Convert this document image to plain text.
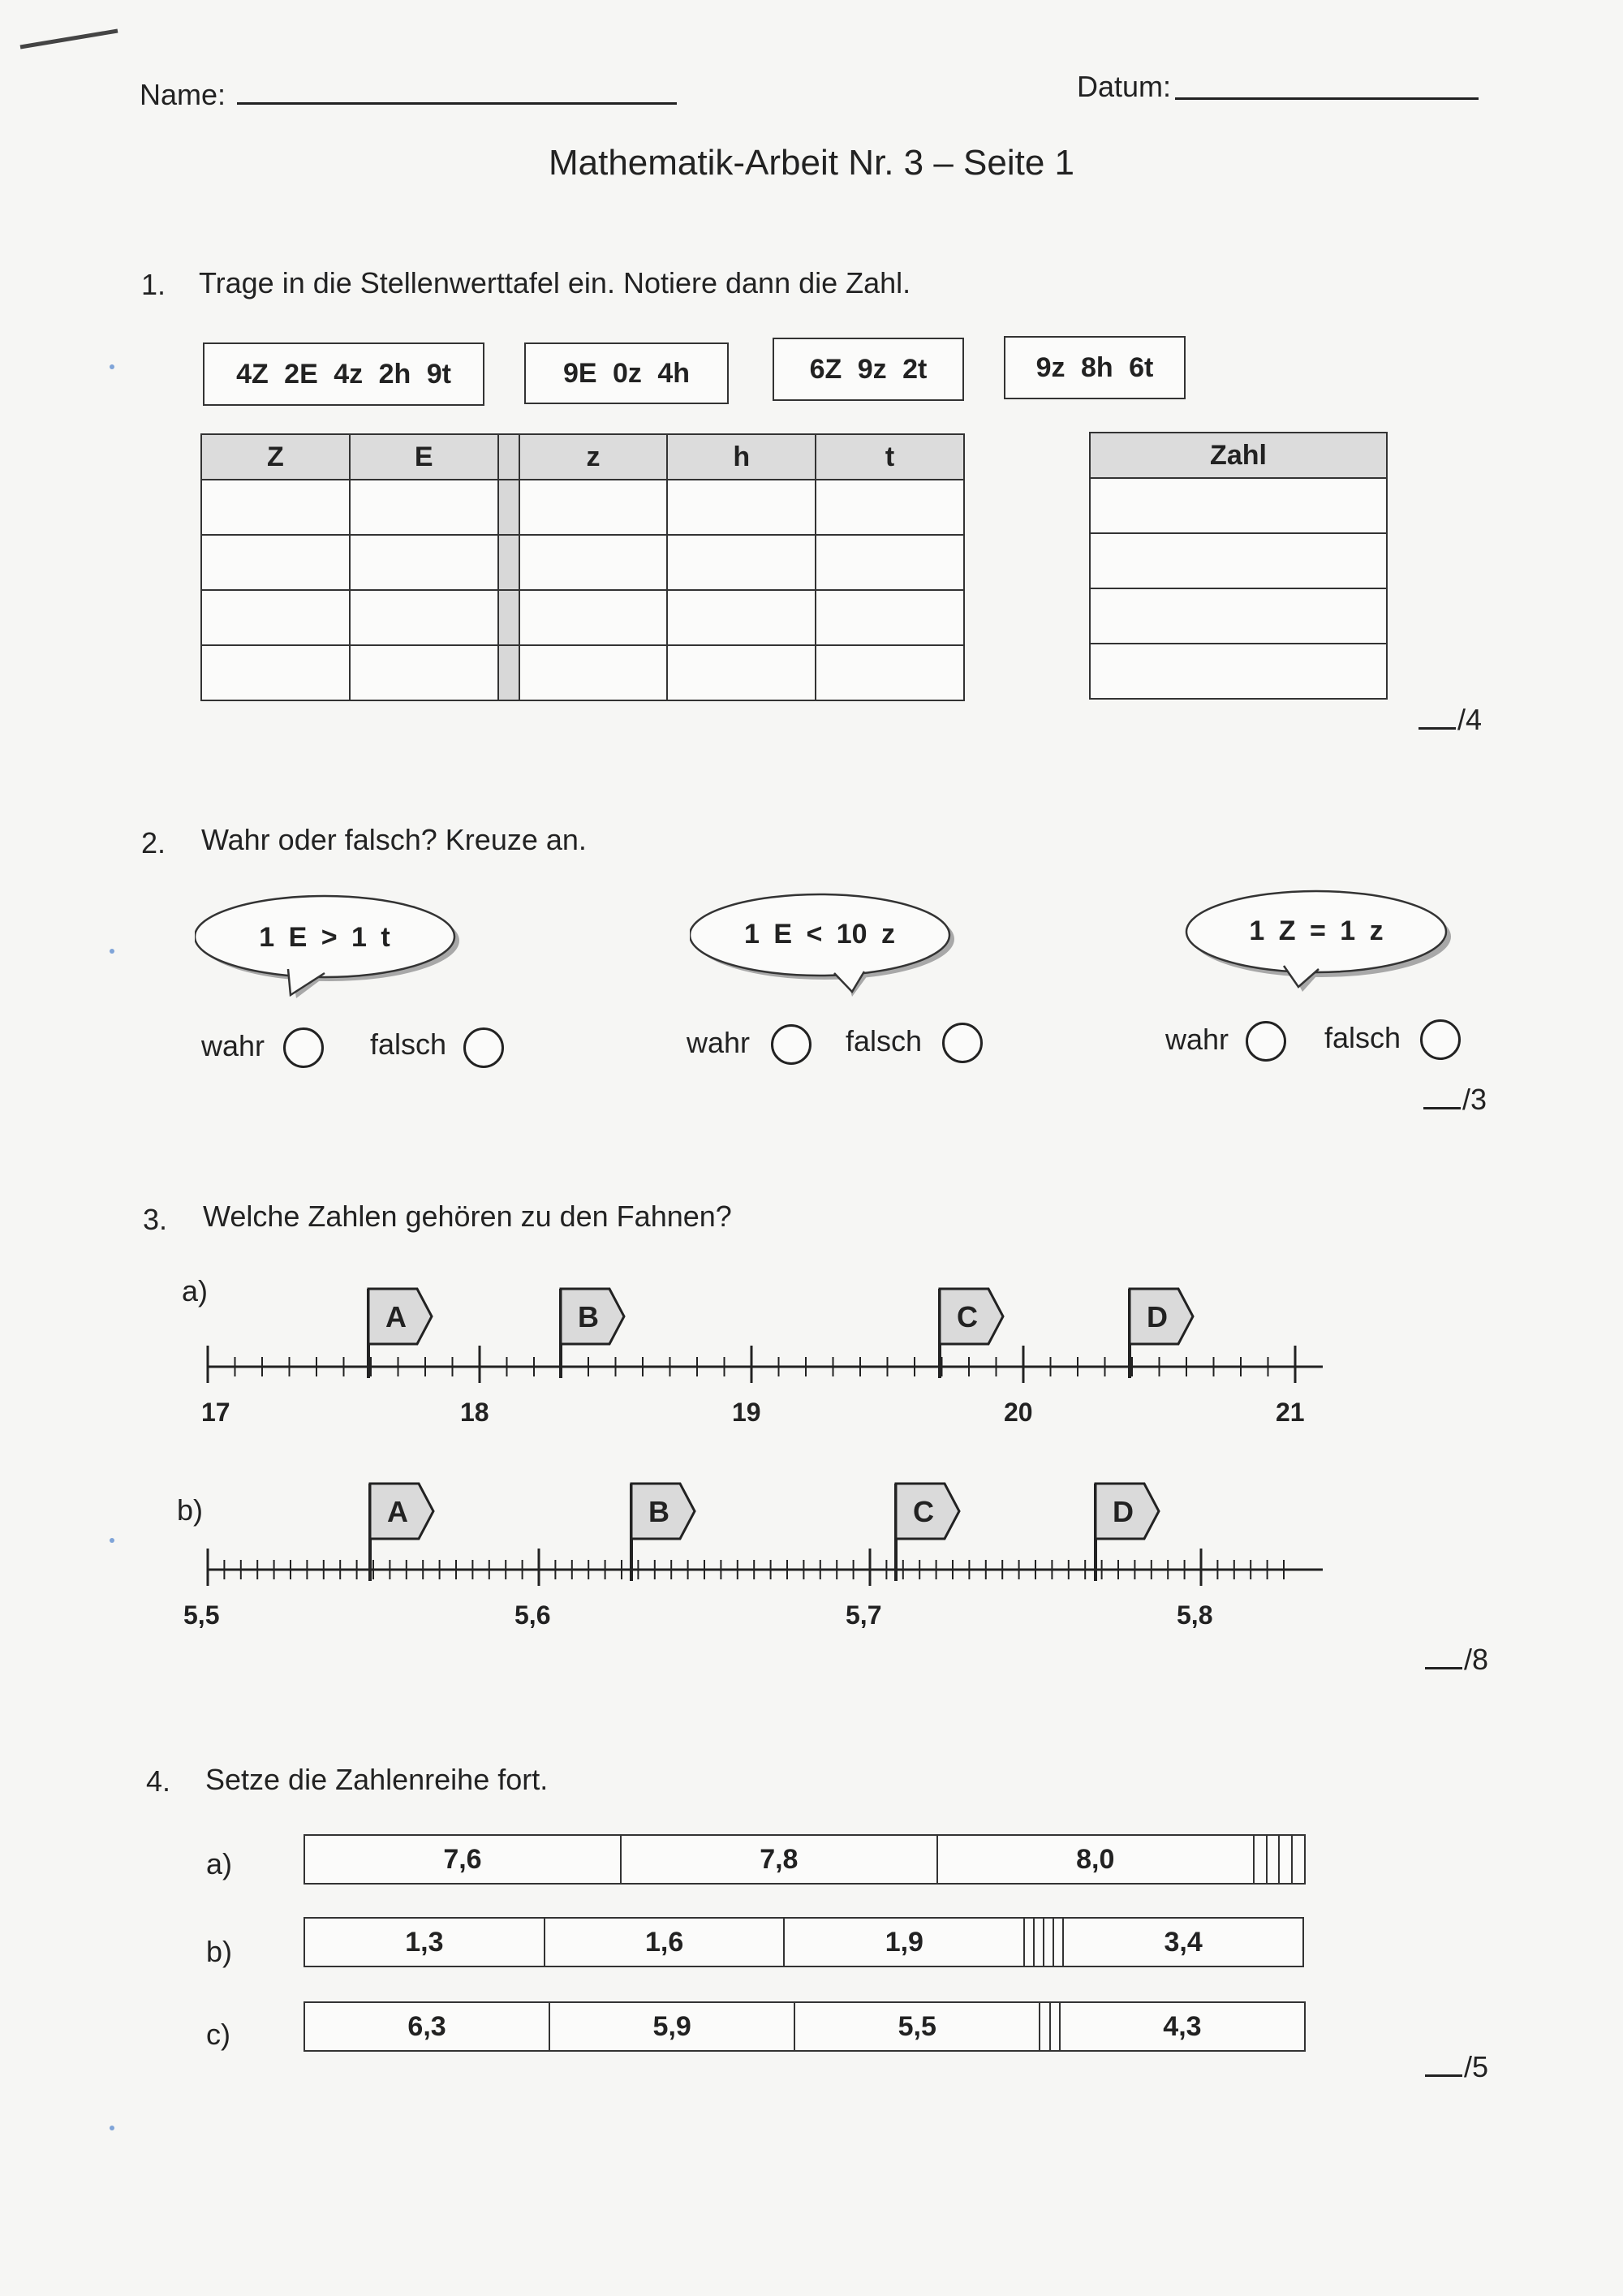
Name:	Datum:
Mathematik-Arbeit Nr. 3 – Seite 1
1. Trage in die Stellenwerttafel ein. Notiere dann die Zahl.
4Z 2E 4z 2h 9t	9E 0z 4h	6Z 9z 2t	9z 8h 6t
Z	E		z	h	t

						Zahl

/4
2. Wahr oder falsch? Kreuze an.
1 E > 1 t	1 E < 10 z	1 Z = 1 z
wahr	falsch	wahr	falsch	wahr	falsch
/3
3. Welche Zahlen gehören zu den Fahnen?
a)
17	18	19	20	21
A	B	C	D
b)
5,5	5,6	5,7	5,8
A	B	C	D
/8
4. Setze die Zahlenreihe fort.
a)	7,6	7,8	8,0				
b)	1,3	1,6	1,9					3,4
c)	6,3	5,9	5,5			4,3
/5
